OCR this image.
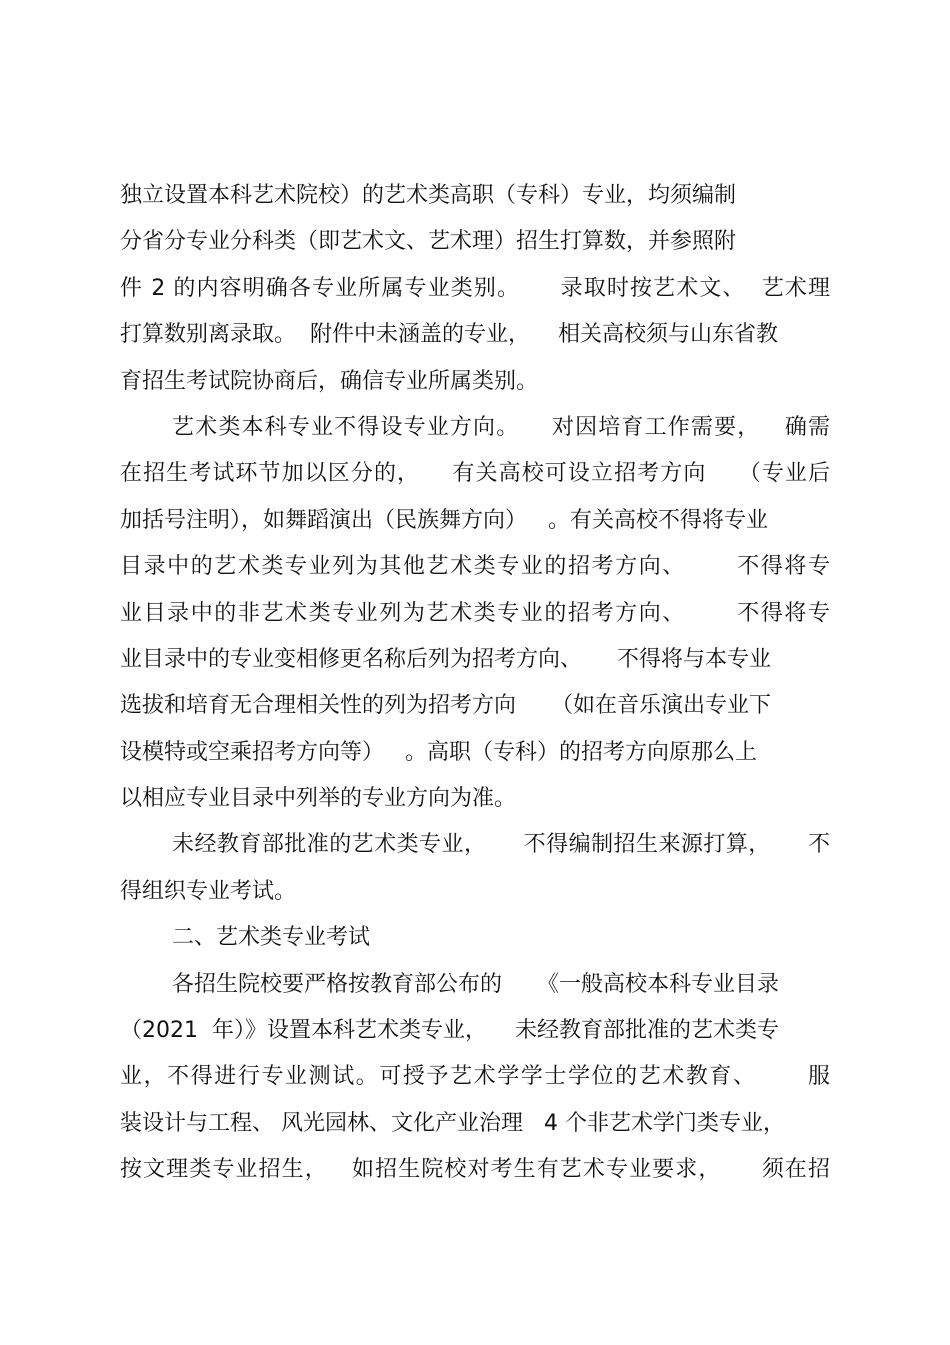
独立设置本科艺术院校）的艺术类高职（专科）专业，均须编制
分省分专业分科类（即艺术文、艺术理）招生打算数，并参照附
件 2 的内容明确各专业所属专业类别。     录取时按艺术文、  艺术理
打算数别离录取。  附件中未涵盖的专业，    相关高校须与山东省教
育招生考试院协商后，确信专业所属类别。
艺术类本科专业不得设专业方向。    对因培育工作需要，   确需
在招生考试环节加以区分的，    有关高校可设立招考方向    （专业后
加括号注明），如舞蹈演出（民族舞方向）   。有关高校不得将专业
目录中的艺术类专业列为其他艺术类专业的招考方向、      不得将专
业目录中的非艺术类专业列为艺术类专业的招考方向、      不得将专
业目录中的专业变相修更名称后列为招考方向、     不得将与本专业
选拔和培育无合理相关性的列为招考方向     （如在音乐演出专业下
设模特或空乘招考方向等）   。高职（专科）的招考方向原那么上
以相应专业目录中列举的专业方向为准。
未经教育部批准的艺术类专业，     不得编制招生来源打算，     不
得组织专业考试。
二、艺术类专业考试
各招生院校要严格按教育部公布的     《一般高校本科专业目录
（2021  年）》设置本科艺术类专业，    未经教育部批准的艺术类专
业，不得进行专业测试。可授予艺术学学士学位的艺术教育、      服
装设计与工程、 风光园林、文化产业治理   4 个非艺术学门类专业，
按文理类专业招生，   如招生院校对考生有艺术专业要求，     须在招
